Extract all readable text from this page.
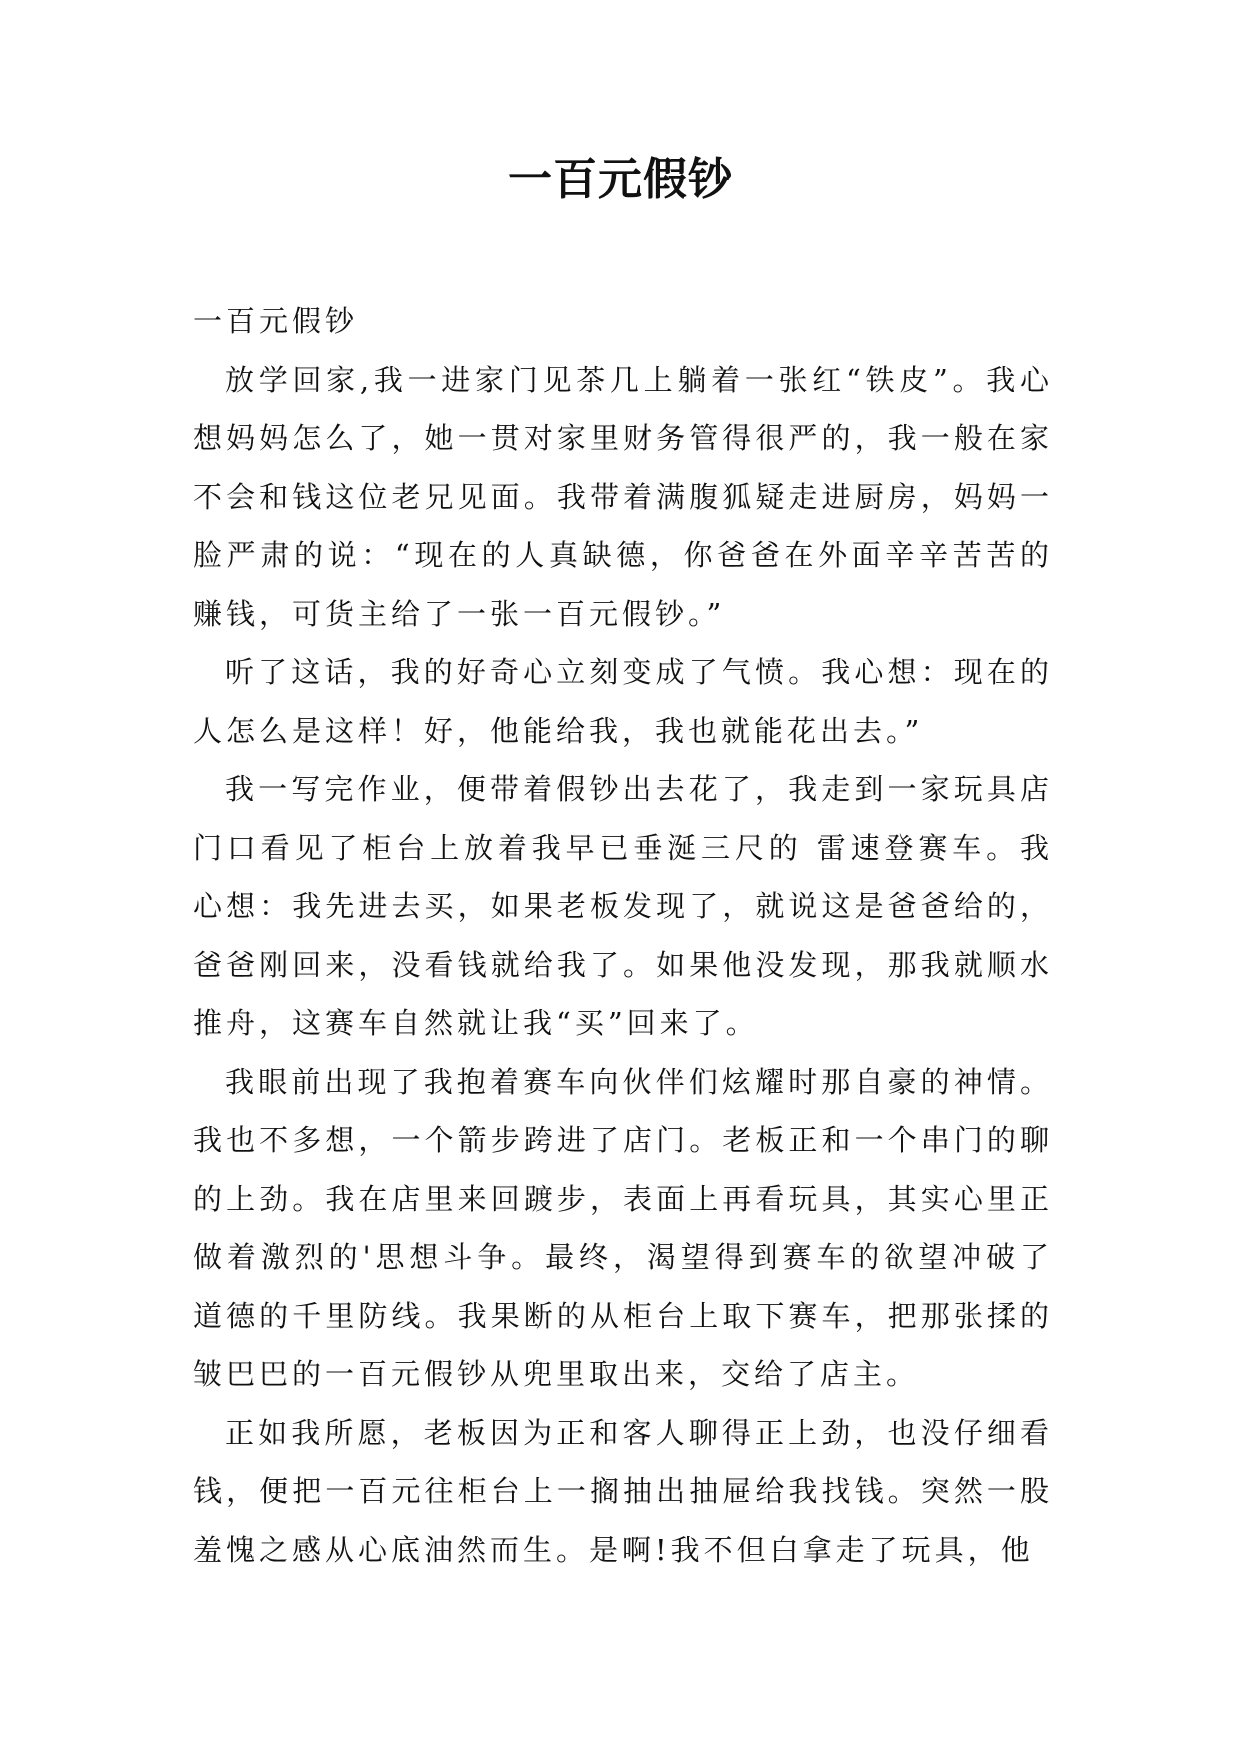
一百元假钞

一百元假钞

放学回家,我一进家门见茶几上躺着一张红“铁皮”。我心想妈妈怎么了，她一贯对家里财务管得很严的，我一般在家不会和钱这位老兄见面。我带着满腹狐疑走进厨房，妈妈一脸严肃的说：“现在的人真缺德，你爸爸在外面辛辛苦苦的赚钱，可货主给了一张一百元假钞。”

听了这话，我的好奇心立刻变成了气愤。我心想：现在的人怎么是这样！好，他能给我，我也就能花出去。”

我一写完作业，便带着假钞出去花了，我走到一家玩具店门口看见了柜台上放着我早已垂涎三尺的 雷速登赛车。我心想：我先进去买，如果老板发现了，就说这是爸爸给的，爸爸刚回来，没看钱就给我了。如果他没发现，那我就顺水推舟，这赛车自然就让我“买”回来了。

我眼前出现了我抱着赛车向伙伴们炫耀时那自豪的神情。我也不多想，一个箭步跨进了店门。老板正和一个串门的聊的上劲。我在店里来回踱步，表面上再看玩具，其实心里正做着激烈的'思想斗争。最终，渴望得到赛车的欲望冲破了道德的千里防线。我果断的从柜台上取下赛车，把那张揉的皱巴巴的一百元假钞从兜里取出来，交给了店主。

正如我所愿，老板因为正和客人聊得正上劲，也没仔细看钱，便把一百元往柜台上一搁抽出抽屉给我找钱。突然一股羞愧之感从心底油然而生。是啊!我不但白拿走了玩具，他
